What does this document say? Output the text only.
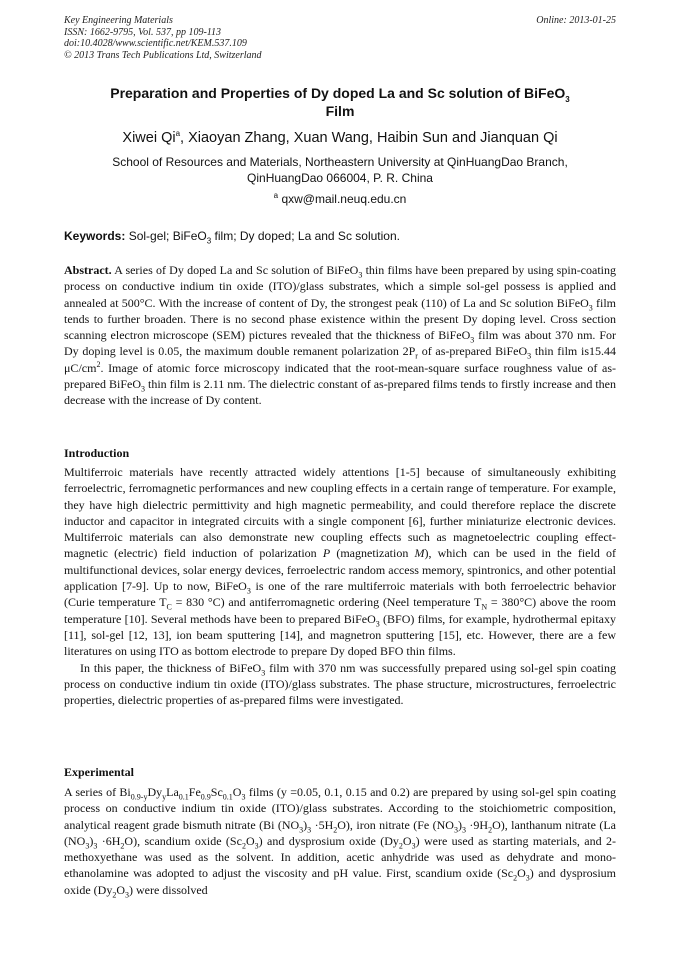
Key Engineering Materials
ISSN: 1662-9795, Vol. 537, pp 109-113
doi:10.4028/www.scientific.net/KEM.537.109
© 2013 Trans Tech Publications Ltd, Switzerland
Online: 2013-01-25
Preparation and Properties of Dy doped La and Sc solution of BiFeO$_3$
Film
Xiwei Qi$^a$, Xiaoyan Zhang, Xuan Wang, Haibin Sun and Jianquan Qi
School of Resources and Materials, Northeastern University at QinHuangDao Branch,
QinHuangDao 066004, P. R. China
$^a$ qxw@mail.neuq.edu.cn
Keywords: Sol-gel; BiFeO$_3$ film; Dy doped; La and Sc solution.

Abstract. A series of Dy doped La and Sc solution of BiFeO$_3$ thin films have been prepared by using spin-coating process on conductive indium tin oxide (ITO)/glass substrates, which a simple sol-gel possess is applied and annealed at 500°C. With the increase of content of Dy, the strongest peak (110) of La and Sc solution BiFeO$_3$ film tends to further broaden. There is no second phase existence within the present Dy doping level. Cross section scanning electron microscope (SEM) pictures revealed that the thickness of BiFeO$_3$ film was about 370 nm. For Dy doping level is 0.05, the maximum double remanent polarization $2P_r$ of as-prepared BiFeO$_3$ thin film is15.44 $\mu C/cm^2$. Image of atomic force microscopy indicated that the root-mean-square surface roughness value of as-prepared BiFeO$_3$ thin film is 2.11 nm. The dielectric constant of as-prepared films tends to firstly increase and then decrease with the increase of Dy content.

Introduction

Multiferroic materials have recently attracted widely attentions [1-5] because of simultaneously exhibiting ferroelectric, ferromagnetic performances and new coupling effects in a certain range of temperature. For example, they have high dielectric permittivity and high magnetic permeability, and could therefore replace the discrete inductor and capacitor in integrated circuits with a single component [6], further miniaturize electronic devices. Multiferroic materials can also demonstrate new coupling effects such as magnetoelectric coupling effect-magnetic (electric) field induction of polarization P (magnetization M), which can be used in the field of multifunctional devices, solar energy devices, ferroelectric random access memory, spintronics, and other potential application [7-9]. Up to now, BiFeO$_3$ is one of the rare multiferroic materials with both ferroelectric behavior (Curie temperature $T_C = 830$ °C) and antiferromagnetic ordering (Neel temperature $T_N = 380^\circ C$) above the room temperature [10]. Several methods have been to prepared BiFeO$_3$ (BFO) films, for example, hydrothermal epitaxy [11], sol-gel [12, 13], ion beam sputtering [14], and magnetron sputtering [15], etc. However, there are a few literatures on using ITO as bottom electrode to prepare Dy doped BFO thin films.

In this paper, the thickness of BiFeO$_3$ film with 370 nm was successfully prepared using sol-gel spin coating process on conductive indium tin oxide (ITO)/glass substrates. The phase structure, microstructures, ferroelectric properties, dielectric properties of as-prepared films were investigated.

Experimental

A series of $Bi_{0.9-y}Dy_yLa_{0.1}Fe_{0.9}Sc_{0.1}O_3$ films (y =0.05, 0.1, 0.15 and 0.2) are prepared by using sol-gel spin coating process on conductive indium tin oxide (ITO)/glass substrates. According to the stoichiometric composition, analytical reagent grade bismuth nitrate (Bi $(NO_3)_3 \cdot 5H_2O$), iron nitrate (Fe $(NO_3)_3 \cdot 9H_2O$), lanthanum nitrate (La $(NO_3)_3 \cdot 6H_2O$), scandium oxide $(Sc_2O_3)$ and dysprosium oxide $(Dy_2O_3)$ were used as starting materials, and 2-methoxyethane was used as the solvent. In addition, acetic anhydride was used as dehydrate and mono-ethanolamine was adopted to adjust the viscosity and pH value. First, scandium oxide $(Sc_2O_3)$ and dysprosium oxide $(Dy_2O_3)$ were dissolved
